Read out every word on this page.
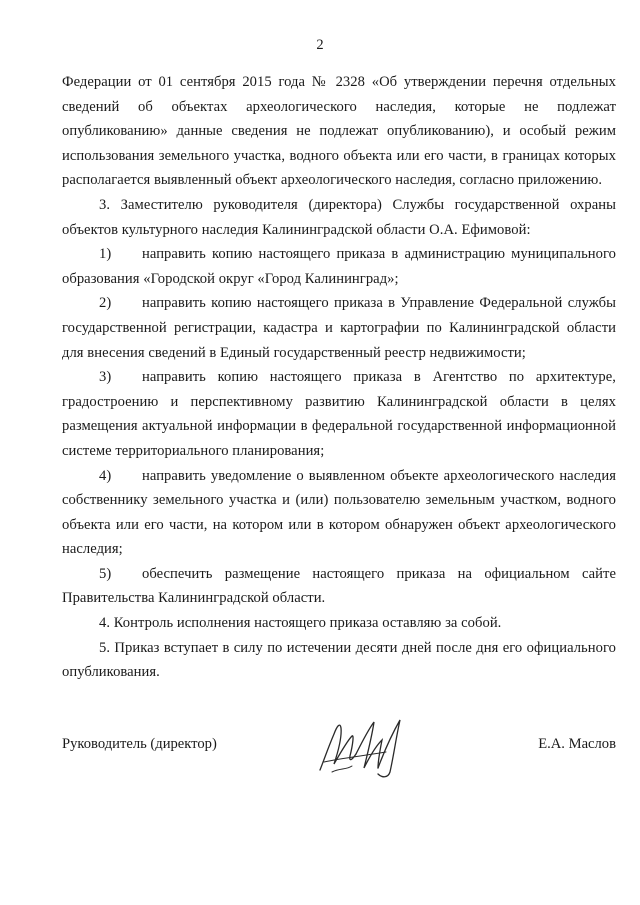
2

Федерации от 01 сентября 2015 года № 2328 «Об утверждении перечня отдельных сведений об объектах археологического наследия, которые не подлежат опубликованию» данные сведения не подлежат опубликованию), и особый режим использования земельного участка, водного объекта или его части, в границах которых располагается выявленный объект археологического наследия, согласно приложению.

3. Заместителю руководителя (директора) Службы государственной охраны объектов культурного наследия Калининградской области О.А. Ефимовой:

1) направить копию настоящего приказа в администрацию муниципального образования «Городской округ «Город Калининград»;

2) направить копию настоящего приказа в Управление Федеральной службы государственной регистрации, кадастра и картографии по Калининградской области для внесения сведений в Единый государственный реестр недвижимости;

3) направить копию настоящего приказа в Агентство по архитектуре, градостроению и перспективному развитию Калининградской области в целях размещения актуальной информации в федеральной государственной информационной системе территориального планирования;

4) направить уведомление о выявленном объекте археологического наследия собственнику земельного участка и (или) пользователю земельным участком, водного объекта или его части, на котором или в котором обнаружен объект археологического наследия;

5) обеспечить размещение настоящего приказа на официальном сайте Правительства Калининградской области.

4. Контроль исполнения настоящего приказа оставляю за собой.

5. Приказ вступает в силу по истечении десяти дней после дня его официального опубликования.

Руководитель (директор)	Е.А. Маслов
